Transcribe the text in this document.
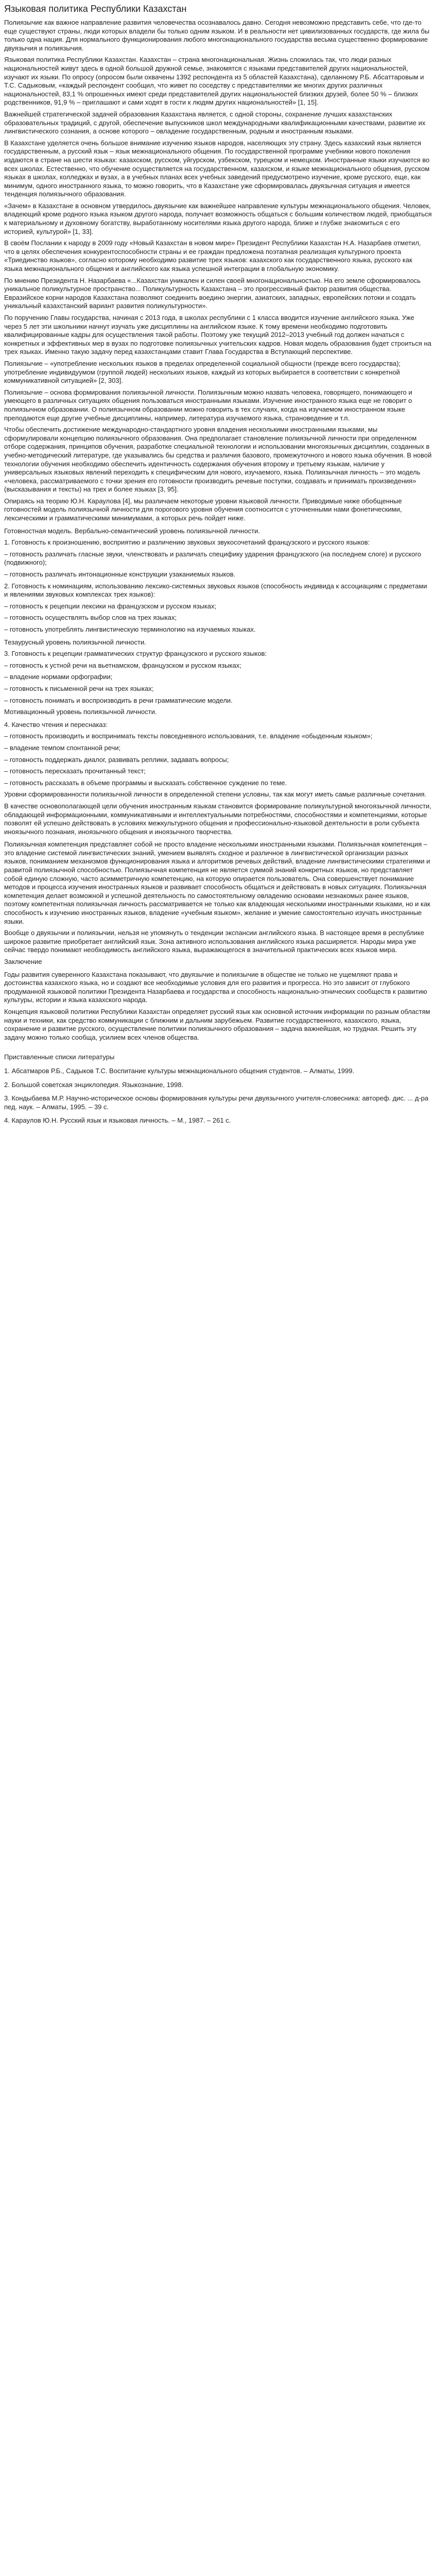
Языковая политика Республики Казахстан

Полиязычие как важное направление развития человечества осознавалось давно. Сегодня невозможно представить себе, что где-то еще существуют страны, люди которых владели бы только одним языком. И в реальности нет цивилизованных государств, где жила бы только одна нация. Для нормального функционирования любого многонационального государства весьма существенно формирование двуязычия и полиязычия.

Языковая политика Республики Казахстан. Казахстан – страна многонациональная. Жизнь сложилась так, что люди разных национальностей живут здесь в одной большой дружной семье, знакомятся с языками представителей других национальностей, изучают их языки. По опросу (опросом были охвачены 1392 респондента из 5 областей Казахстана), сделанному Р.Б. Абсаттаровым и Т.С. Садыковым, «каждый респондент сообщил, что живет по соседству с представителями же многих других различных национальностей, 83,1 % опрошенных имеют среди представителей других национальностей близких друзей, более 50 % – близких родственников, 91,9 % – приглашают и сами ходят в гости к людям других национальностей» [1, 15].

Важнейшей стратегической задачей образования Казахстана является, с одной стороны, сохранение лучших казахстанских образовательных традиций, с другой, обеспечение выпускников школ международными квалификационными качествами, развитие их лингвистического сознания, а основе которого – овладение государственным, родным и иностранным языками.

В Казахстане уделяется очень большое внимание изучению языков народов, населяющих эту страну. Здесь казахский язык является государственным, а русский язык – язык межнационального общения. По государственной программе учебники нового поколения издаются в стране на шести языках: казахском, русском, уйгурском, узбекском, турецком и немецком. Иностранные языки изучаются во всех школах. Естественно, что обучение осуществляется на государственном, казахском, и языке межнационального общения, русском языках в школах, колледжах и вузах, а в учебных планах всех учебных заведений предусмотрено изучение, кроме русского, еще, как минимум, одного иностранного языка, то можно говорить, что в Казахстане уже сформировалась двуязычная ситуация и имеется тенденция полиязычного образования.

«Зачем» в Казахстане в основном утвердилось двуязычие как важнейшее направление культуры межнационального общения. Человек, владеющий кроме родного языка языком другого народа, получает возможность общаться с большим количеством людей, приобщаться к материальному и духовному богатству, выработанному носителями языка другого народа, ближе и глубже знакомиться с его историей, культурой» [1, 33].

В своём Послании к народу в 2009 году «Новый Казахстан в новом мире» Президент Республики Казахстан Н.А. Назарбаев отметил, что в целях обеспечения конкурентоспособности страны и ее граждан предложена поэтапная реализация культурного проекта «Триединство языков», согласно которому необходимо развитие трех языков: казахского как государственного языка, русского как языка межнационального общения и английского как языка успешной интеграции в глобальную экономику.

По мнению Президента Н. Назарбаева «...Казахстан уникален и силен своей многонациональностью. На его земле сформировалось уникальное поликультурное пространство... Поликультурность Казахстана – это прогрессивный фактор развития общества. Евразийское корни народов Казахстана позволяют соединить воедино энергии, азиатских, западных, европейских потоки и создать уникальный казахстанский вариант развития поликультурности».

По поручению Главы государства, начиная с 2013 года, в школах республики с 1 класса вводится изучение английского языка. Уже через 5 лет эти школьники начнут изучать уже дисциплины на английском языке. К тому времени необходимо подготовить квалифицированные кадры для осуществления такой работы. Поэтому уже текущий 2012–2013 учебный год должен начаться с конкретных и эффективных мер в вузах по подготовке полиязычных учительских кадров. Новая модель образования будет строиться на трех языках. Именно такую задачу перед казахстанцами ставит Глава Государства в Вступающий перспективе.

Полиязычие – «употребление нескольких языков в пределах определенной социальной общности (прежде всего государства); употребление индивидуумом (группой людей) нескольких языков, каждый из которых выбирается в соответствии с конкретной коммуникативной ситуацией» [2, 303].

Полиязычие – основа формирования полиязычной личности. Полиязычным можно назвать человека, говорящего, понимающего и умеющего в различных ситуациях общения пользоваться иностранными языками. Изучение иностранного языка еще не говорит о полиязычном образовании. О полиязычном образовании можно говорить в тех случаях, когда на изучаемом иностранном языке преподаются еще другие учебные дисциплины, например, литература изучаемого языка, страноведение и т.п.

Чтобы обеспечить достижение международно-стандартного уровня владения несколькими иностранными языками, мы сформулировали концепцию полиязычного образования. Она предполагает становление полиязычной личности при определенном отборе содержания, принципов обучения, разработке специальной технологии и использовании многоязычных дисциплин, созданных в учебно-методический литературе, где указывались бы средства и различия базового, промежуточного и нового языка обучения. В новой технологии обучения необходимо обеспечить идентичность содержания обучения второму и третьему языкам, наличие у универсальных языковых явлений переходить к специфическим для нового, изучаемого, языка. Полиязычная личность – это модель «человека, рассматриваемого с точки зрения его готовности производить речевые поступки, создавать и принимать произведения» (высказывания и тексты) на трех и более языках [3, 95].

Опираясь на теорию Ю.Н. Караулова [4], мы различаем некоторые уровни языковой личности. Приводимые ниже обобщенные готовностей модель полиязычной личности для порогового уровня обучения соотносится с уточненными нами фонетическими, лексическими и грамматическими минимумами, а которых речь пойдет ниже.

Готовностная модель. Вербально-семантический уровень полиязычной личности.

1. Готовность к произношению, восприятию и различению звуковых звукосочетаний французского и русского языков:

– готовность различать гласные звуки, членствовать и различать специфику ударения французского (на последнем слоге) и русского (подвижного);

– готовность различать интонационные конструкции узаканиемых языков.

2. Готовность к номинациям, использованию лексико-системных звуковых языков (способность индивида к ассоциациям с предметами и явлениями звуковых комплексах трех языков):

– готовность к рецепции лексики на французском и русском языках;

– готовность осуществлять выбор слов на трех языках;

– готовность употреблять лингвистическую терминологию на изучаемых языках.

Тезаурусный уровень полиязычной личности.

3. Готовность к рецепции грамматических структур французского и русского языков:

– готовность к устной речи на вьетнамском, французском и русском языках;

– владение нормами орфографии;

– готовность к письменной речи на трех языках;

– готовность понимать и воспроизводить в речи грамматические модели.

Мотивационный уровень полиязычной личности.

4. Качество чтения и переснаказ:

– готовность производить и воспринимать тексты повседневного использования, т.е. владение «обыденным языком»;

– владение темпом спонтанной речи;

– готовность поддержать диалог, развивать реплики, задавать вопросы;

– готовность пересказать прочитанный текст;

– готовность рассказать в объеме программы и высказать собственное суждение по теме.

Уровни сформированности полиязычной личности в определенной степени условны, так как могут иметь самые различные сочетания.

В качестве основополагающей цели обучения иностранным языкам становится формирование поликультурной многоязычной личности, обладающей информационными, коммуникативными и интеллектуальными потребностями, способностями и компетенциями, которые позволят ей успешно действовать в условиях межкультурного общения и профессионально-языковой деятельности в роли субъекта иноязычного познания, иноязычного общения и иноязычного творчества.

Полиязычная компетенция представляет собой не просто владение несколькими иностранными языками. Полиязычная компетенция – это владение системой лингвистических знаний, умением выявлять сходное и различное в лингвистической организации разных языков, пониманием механизмов функционирования языка и алгоритмов речевых действий, владение лингвистическими стратегиями и развитой полиязычной способностью. Полиязычная компетенция не является суммой знаний конкретных языков, но представляет собой единую сложную, часто асимметричную компетенцию, на которую опирается пользователь. Она совершенствует понимание методов и процесса изучения иностранных языков и развивает способность общаться и действовать в новых ситуациях. Полиязычная компетенция делает возможной и успешной деятельность по самостоятельному овладению основами незнакомых ранее языков, поэтому компетентная полиязычная личность рассматривается не только как владеющая несколькими иностранными языками, но и как способность к изучению иностранных языков, владение «учебным языком», желание и умение самостоятельно изучать иностранные языки.

Вообще о двуязычии и полиязычии, нельзя не упомянуть о тенденции экспансии английского языка. В настоящее время в республике широкое развитие приобретает английский язык. Зона активного использования английского языка расширяется. Народы мира уже сейчас твердо понимают необходимость английского языка, выражающегося в значительной практических всех языков мира.

Заключение

Годы развития суверенного Казахстана показывают, что двуязычие и полиязычие в обществе не только не ущемляют права и достоинства казахского языка, но и создают все необходимые условия для его развития и прогресса. Но это зависит от глубокого продуманной языковой политики Президента Назарбаева и государства и способность национально-этнических сообществ к развитию культуры, истории и языка казахского народа.

Концепция языковой политики Республики Казахстан определяет русский язык как основной источник информации по разным областям науки и техники, как средство коммуникации с ближним и дальним зарубежьем. Развитие государственного, казахского, языка, сохранение и развитие русского, осуществление политики полиязычного образования – задача важнейшая, но трудная. Решить эту задачу можно только сообща, усилием всех членов общества.

Приставленные списки литературы
1. Абсатмаров Р.Б., Садыков Т.С. Воспитание культуры межнационального общения студентов. – Алматы, 1999.
2. Большой советская энциклопедия. Языкознание, 1998.
3. Кондыбаева М.Р. Научно-историческое основы формирования культуры речи двуязычного учителя-словесника: автореф. дис. ... д-ра пед. наук. – Алматы, 1995. – 39 с.
4. Караулов Ю.Н. Русский язык и языковая личность. – М., 1987. – 261 с.
